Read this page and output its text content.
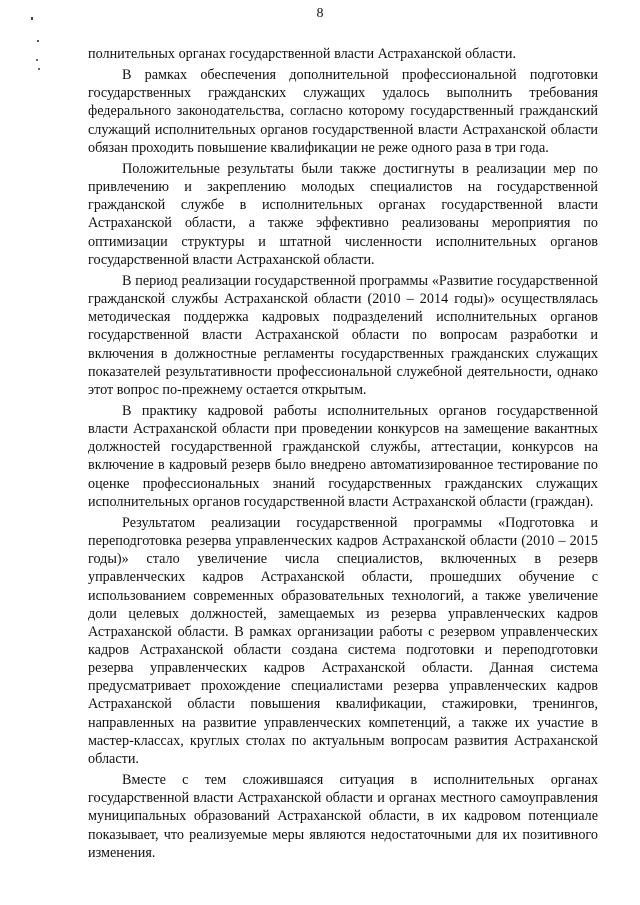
8

полнительных органах государственной власти Астраханской области.

В рамках обеспечения дополнительной профессиональной подготовки государственных гражданских служащих удалось выполнить требования федерального законодательства, согласно которому государственный гражданский служащий исполнительных органов государственной власти Астраханской области обязан проходить повышение квалификации не реже одного раза в три года.

Положительные результаты были также достигнуты в реализации мер по привлечению и закреплению молодых специалистов на государственной гражданской службе в исполнительных органах государственной власти Астраханской области, а также эффективно реализованы мероприятия по оптимизации структуры и штатной численности исполнительных органов государственной власти Астраханской области.

В период реализации государственной программы «Развитие государственной гражданской службы Астраханской области (2010 – 2014 годы)» осуществлялась методическая поддержка кадровых подразделений исполнительных органов государственной власти Астраханской области по вопросам разработки и включения в должностные регламенты государственных гражданских служащих показателей результативности профессиональной служебной деятельности, однако этот вопрос по-прежнему остается открытым.

В практику кадровой работы исполнительных органов государственной власти Астраханской области при проведении конкурсов на замещение вакантных должностей государственной гражданской службы, аттестации, конкурсов на включение в кадровый резерв было внедрено автоматизированное тестирование по оценке профессиональных знаний государственных гражданских служащих исполнительных органов государственной власти Астраханской области (граждан).

Результатом реализации государственной программы «Подготовка и переподготовка резерва управленческих кадров Астраханской области (2010 – 2015 годы)» стало увеличение числа специалистов, включенных в резерв управленческих кадров Астраханской области, прошедших обучение с использованием современных образовательных технологий, а также увеличение доли целевых должностей, замещаемых из резерва управленческих кадров Астраханской области. В рамках организации работы с резервом управленческих кадров Астраханской области создана система подготовки и переподготовки резерва управленческих кадров Астраханской области. Данная система предусматривает прохождение специалистами резерва управленческих кадров Астраханской области повышения квалификации, стажировки, тренингов, направленных на развитие управленческих компетенций, а также их участие в мастер-классах, круглых столах по актуальным вопросам развития Астраханской области.

Вместе с тем сложившаяся ситуация в исполнительных органах государственной власти Астраханской области и органах местного самоуправления муниципальных образований Астраханской области, в их кадровом потенциале показывает, что реализуемые меры являются недостаточными для их позитивного изменения.
